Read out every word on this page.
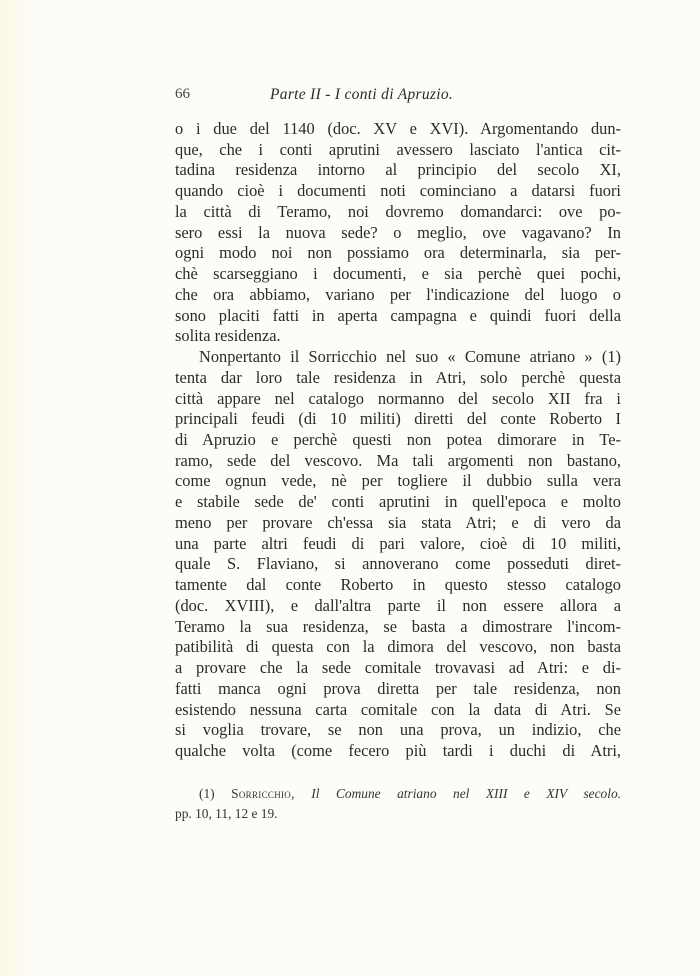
66	Parte II - I conti di Apruzio.
o i due del 1140 (doc. XV e XVI). Argomentando dun-
que, che i conti aprutini avessero lasciato l'antica cit-
tadina residenza intorno al principio del secolo XI,
quando cioè i documenti noti cominciano a datarsi fuori
la città di Teramo, noi dovremo domandarci: ove po-
sero essi la nuova sede? o meglio, ove vagavano? In
ogni modo noi non possiamo ora determinarla, sia per-
chè scarseggiano i documenti, e sia perchè quei pochi,
che ora abbiamo, variano per l'indicazione del luogo o
sono placiti fatti in aperta campagna e quindi fuori della
solita residenza.
Nonpertanto il Sorricchio nel suo « Comune atriano » (1)
tenta dar loro tale residenza in Atri, solo perchè questa
città appare nel catalogo normanno del secolo XII fra i
principali feudi (di 10 militi) diretti del conte Roberto I
di Apruzio e perchè questi non potea dimorare in Te-
ramo, sede del vescovo. Ma tali argomenti non bastano,
come ognun vede, nè per togliere il dubbio sulla vera
e stabile sede de' conti aprutini in quell'epoca e molto
meno per provare ch'essa sia stata Atri; e di vero da
una parte altri feudi di pari valore, cioè di 10 militi,
quale S. Flaviano, si annoverano come posseduti diret-
tamente dal conte Roberto in questo stesso catalogo
(doc. XVIII), e dall'altra parte il non essere allora a
Teramo la sua residenza, se basta a dimostrare l'incom-
patibilità di questa con la dimora del vescovo, non basta
a provare che la sede comitale trovavasi ad Atri: e di-
fatti manca ogni prova diretta per tale residenza, non
esistendo nessuna carta comitale con la data di Atri. Se
si voglia trovare, se non una prova, un indizio, che
qualche volta (come fecero più tardi i duchi di Atri,
(1) Sorricchio, Il Comune atriano nel XIII e XIV secolo.
pp. 10, 11, 12 e 19.
